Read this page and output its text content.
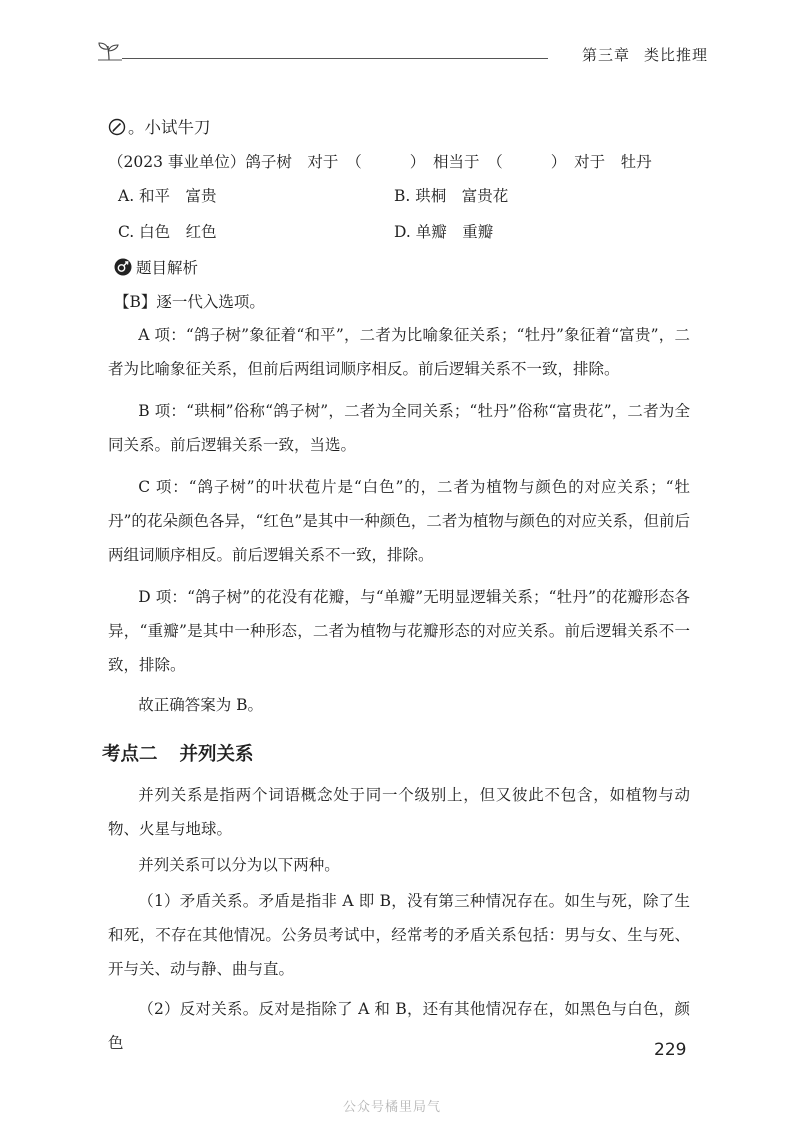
第三章 类比推理
。小试牛刀
（2023 事业单位）鸽子树　 对于　 （	）　 相当于　 （	）　 对于　 牡丹
A. 和平　富贵	B. 珙桐　富贵花
C. 白色　红色	D. 单瓣　重瓣
题目解析
【B】逐一代入选项。
A 项：“鸽子树”象征着“和平”，二者为比喻象征关系；“牡丹”象征着“富贵”，二者为比喻象征关系，但前后两组词顺序相反。前后逻辑关系不一致，排除。
B 项：“珙桐”俗称“鸽子树”，二者为全同关系；“牡丹”俗称“富贵花”，二者为全同关系。前后逻辑关系一致，当选。
C 项：“鸽子树”的叶状苞片是“白色”的，二者为植物与颜色的对应关系；“牡丹”的花朵颜色各异，“红色”是其中一种颜色，二者为植物与颜色的对应关系，但前后两组词顺序相反。前后逻辑关系不一致，排除。
D 项：“鸽子树”的花没有花瓣，与“单瓣”无明显逻辑关系；“牡丹”的花瓣形态各异，“重瓣”是其中一种形态，二者为植物与花瓣形态的对应关系。前后逻辑关系不一致，排除。
故正确答案为 B。
考点二 并列关系
并列关系是指两个词语概念处于同一个级别上，但又彼此不包含，如植物与动物、火星与地球。
并列关系可以分为以下两种。
（1）矛盾关系。矛盾是指非 A 即 B，没有第三种情况存在。如生与死，除了生和死，不存在其他情况。公务员考试中，经常考的矛盾关系包括：男与女、生与死、开与关、动与静、曲与直。
（2）反对关系。反对是指除了 A 和 B，还有其他情况存在，如黑色与白色，颜色	229
公众号橘里局气
